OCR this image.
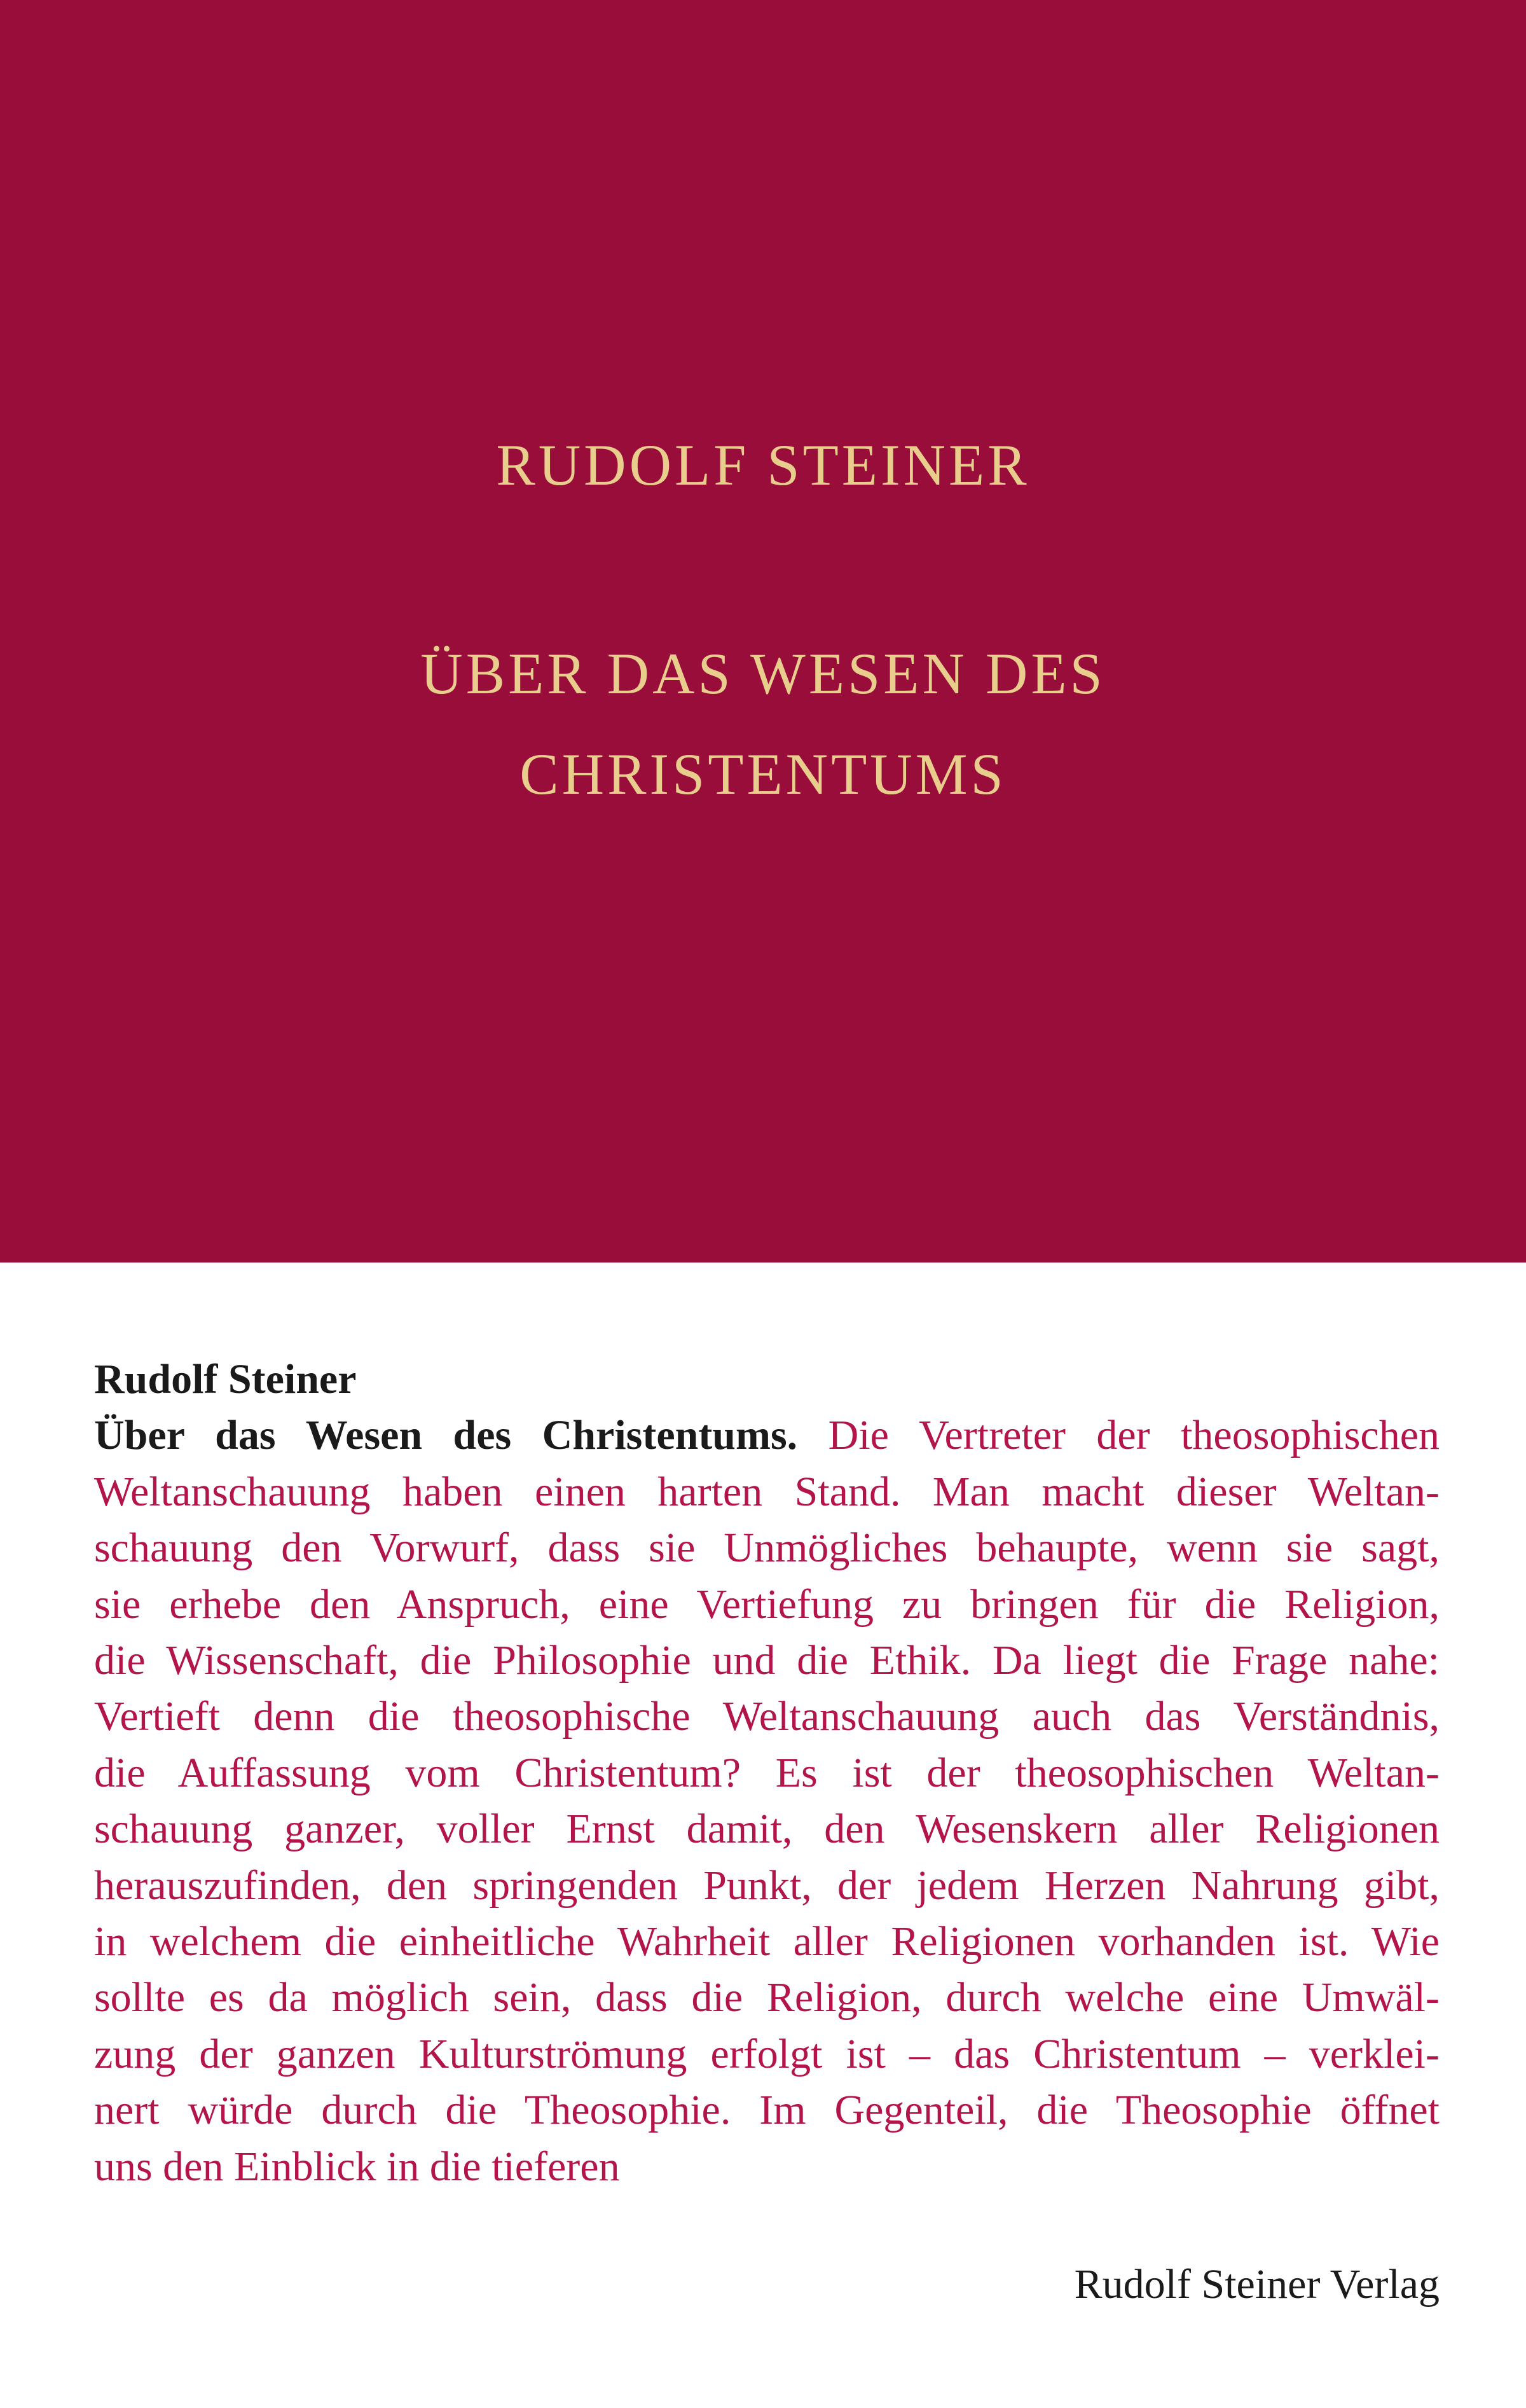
RUDOLF STEINER
ÜBER DAS WESEN DES
CHRISTENTUMS
Rudolf Steiner
Über das Wesen des Christentums. Die Vertreter der theosophischen
Weltanschauung haben einen harten Stand. Man macht dieser Weltan-
schauung den Vorwurf, dass sie Unmögliches behaupte, wenn sie sagt,
sie erhebe den Anspruch, eine Vertiefung zu bringen für die Religion,
die Wissenschaft, die Philosophie und die Ethik. Da liegt die Frage nahe:
Vertieft denn die theosophische Weltanschauung auch das Verständnis,
die Auffassung vom Christentum? Es ist der theosophischen Weltan-
schauung ganzer, voller Ernst damit, den Wesenskern aller Religionen
herauszufinden, den springenden Punkt, der jedem Herzen Nahrung gibt,
in welchem die einheitliche Wahrheit aller Religionen vorhanden ist. Wie
sollte es da möglich sein, dass die Religion, durch welche eine Umwäl-
zung der ganzen Kulturströmung erfolgt ist – das Christentum – verklei-
nert würde durch die Theosophie. Im Gegenteil, die Theosophie öffnet
uns den Einblick in die tieferen
Rudolf Steiner Verlag
